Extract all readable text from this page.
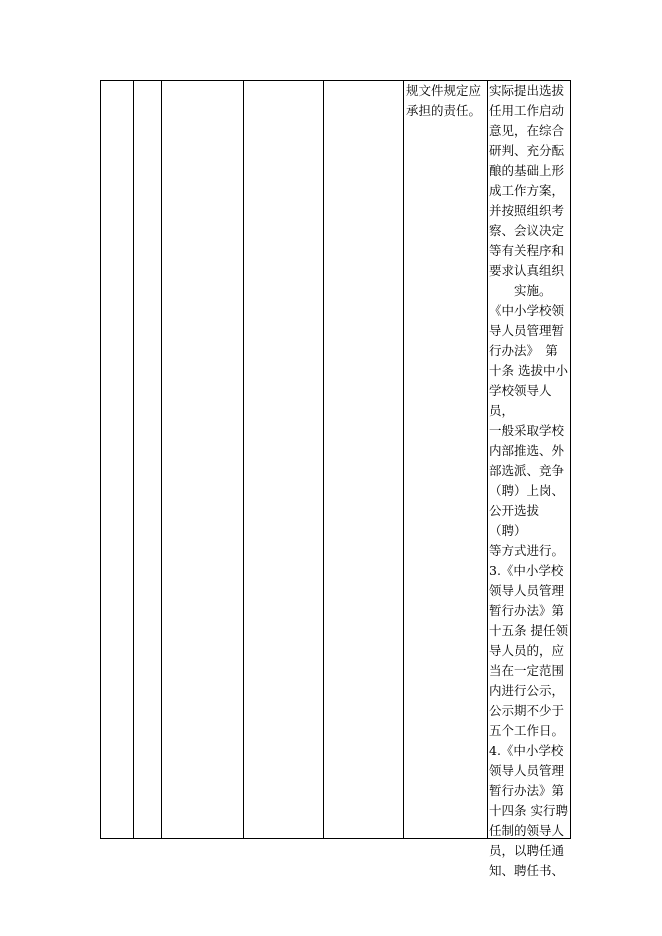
规文件规定应
承担的责任。
实际提出选拔
任用工作启动
意见，在综合
研判、充分酝
酿的基础上形
成工作方案，
并按照组织考
察、会议决定
等有关程序和
要求认真组织
　　实施。
《中小学校领
导人员管理暂
行办法》　第
十条 选拔中小
学校领导人员，
一般采取学校
内部推选、外
部选派、竞争
（聘）上岗、
公开选拔（聘）
等方式进行。
3.《中小学校
领导人员管理
暂行办法》第
十五条 提任领
导人员的，应
当在一定范围
内进行公示，
公示期不少于
五个工作日。
4.《中小学校
领导人员管理
暂行办法》第
十四条 实行聘
任制的领导人
员，以聘任通
知、聘任书、
